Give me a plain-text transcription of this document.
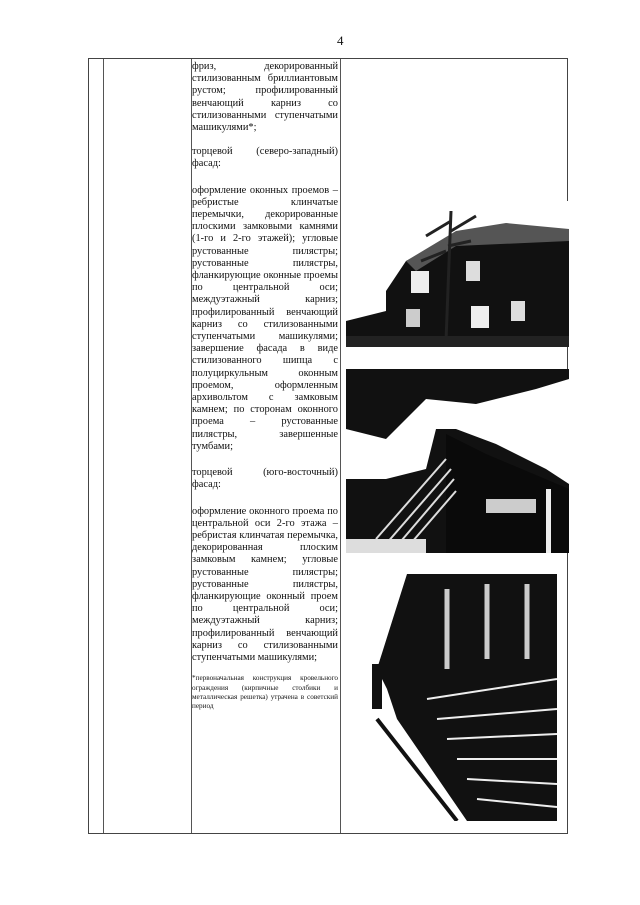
4

фриз, декорированный стилизованным бриллиантовым рустом; профилированный венчающий карниз со стилизованными ступенчатыми машикулями*;

торцевой (северо-западный) фасад:

оформление оконных проемов – ребристые клинчатые перемычки, декорированные плоскими замковыми камнями (1-го и 2-го этажей); угловые рустованные пилястры; рустованные пилястры, фланкирующие оконные проемы по центральной оси; междуэтажный карниз; профилированный венчающий карниз со стилизованными ступенчатыми машикулями; завершение фасада в виде стилизованного шипца с полуциркульным оконным проемом, оформленным архивольтом с замковым камнем; по сторонам оконного проема – рустованные пилястры, завершенные тумбами;

торцевой (юго-восточный) фасад:

оформление оконного проема по центральной оси 2-го этажа – ребристая клинчатая перемычка, декорированная плоским замковым камнем; угловые рустованные пилястры; рустованные пилястры, фланкирующие оконный проем по центральной оси; междуэтажный карниз; профилированный венчающий карниз со стилизованными ступенчатыми машикулями;

*первоначальная конструкция кровельного ограждения (кирпичные столбики и металлическая решетка) утрачена в советский период
